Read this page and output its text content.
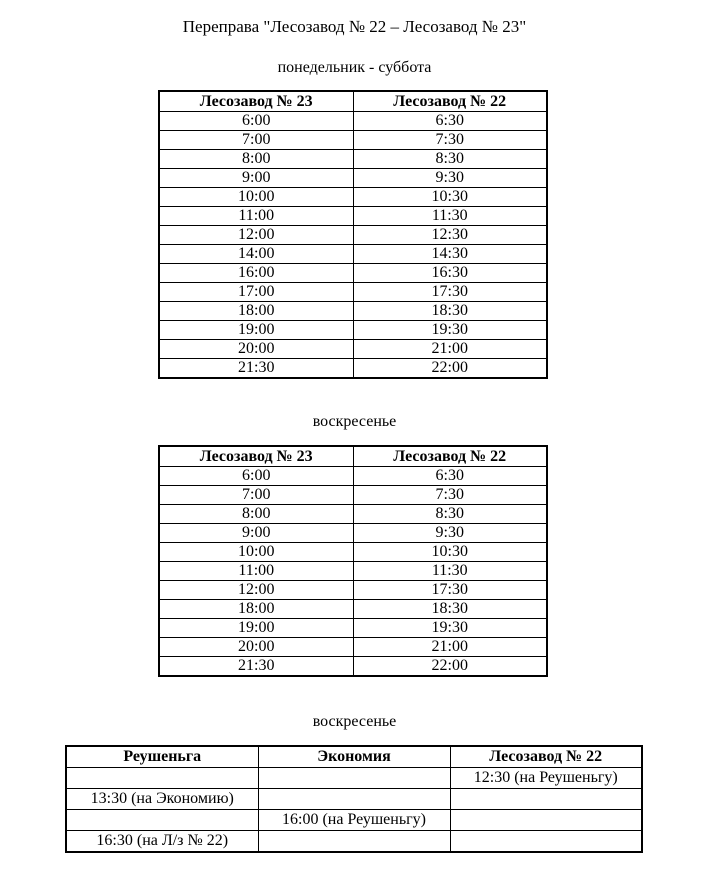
Переправа "Лесозавод № 22 – Лесозавод № 23"
понедельник - суббота
Лесозавод № 23	Лесозавод № 22
6:00	6:30
7:00	7:30
8:00	8:30
9:00	9:30
10:00	10:30
11:00	11:30
12:00	12:30
14:00	14:30
16:00	16:30
17:00	17:30
18:00	18:30
19:00	19:30
20:00	21:00
21:30	22:00
воскресенье
Лесозавод № 23	Лесозавод № 22
6:00	6:30
7:00	7:30
8:00	8:30
9:00	9:30
10:00	10:30
11:00	11:30
12:00	17:30
18:00	18:30
19:00	19:30
20:00	21:00
21:30	22:00
воскресенье
Реушеньга	Экономия	Лесозавод № 22
		12:30 (на Реушеньгу)
13:30 (на Экономию)		
	16:00 (на Реушеньгу)	
16:30 (на Л/з № 22)		
